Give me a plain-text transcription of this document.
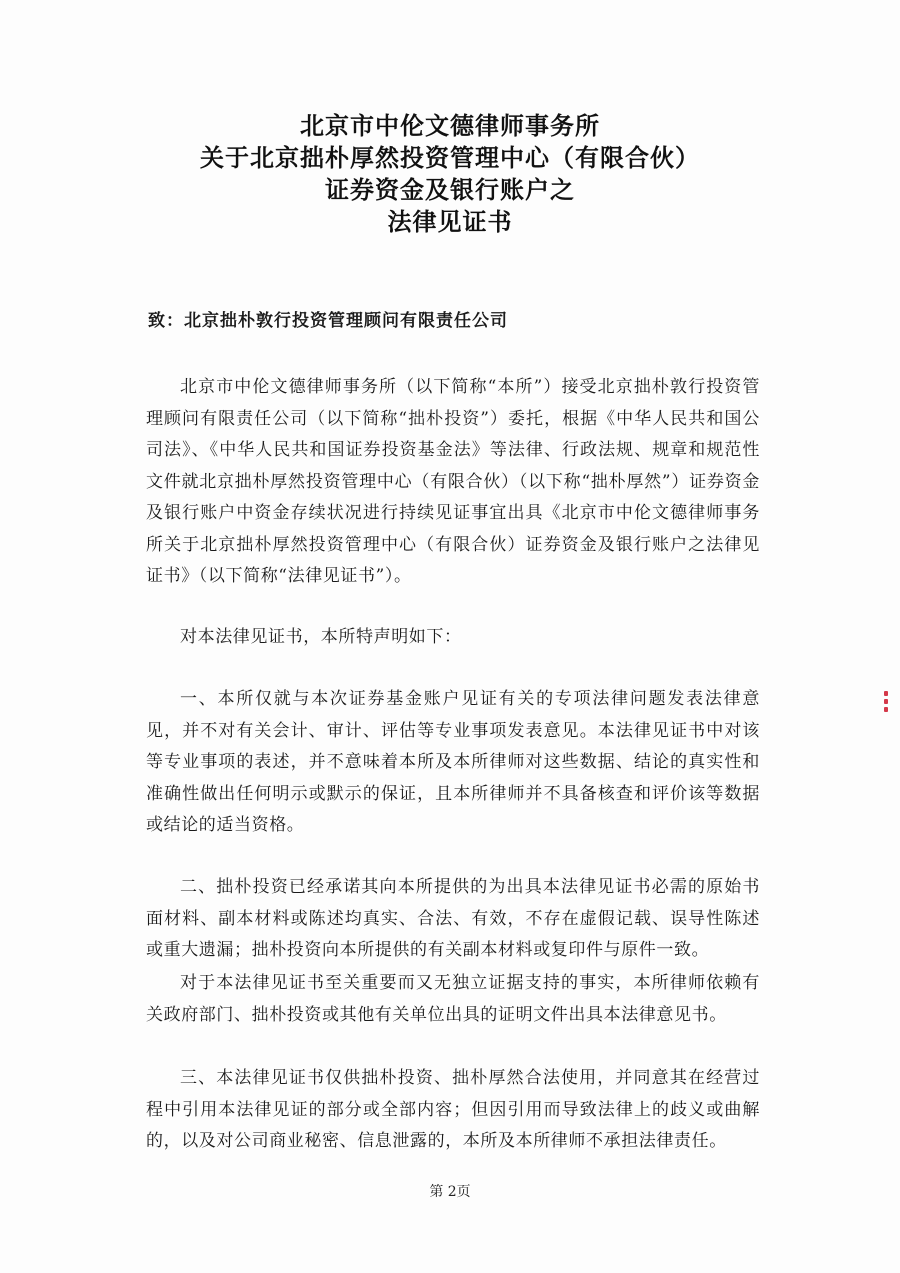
北京市中伦文德律师事务所
关于北京拙朴厚然投资管理中心（有限合伙）
证券资金及银行账户之
法律见证书
致：北京拙朴敦行投资管理顾问有限责任公司
北京市中伦文德律师事务所（以下简称“本所”）接受北京拙朴敦行投资管理顾问有限责任公司（以下简称“拙朴投资”）委托，根据《中华人民共和国公司法》、《中华人民共和国证券投资基金法》等法律、行政法规、规章和规范性文件就北京拙朴厚然投资管理中心（有限合伙）（以下称“拙朴厚然”）证券资金及银行账户中资金存续状况进行持续见证事宜出具《北京市中伦文德律师事务所关于北京拙朴厚然投资管理中心（有限合伙）证券资金及银行账户之法律见证书》（以下简称“法律见证书”）。
对本法律见证书，本所特声明如下：
一、本所仅就与本次证券基金账户见证有关的专项法律问题发表法律意见，并不对有关会计、审计、评估等专业事项发表意见。本法律见证书中对该等专业事项的表述，并不意味着本所及本所律师对这些数据、结论的真实性和准确性做出任何明示或默示的保证，且本所律师并不具备核查和评价该等数据或结论的适当资格。
二、拙朴投资已经承诺其向本所提供的为出具本法律见证书必需的原始书面材料、副本材料或陈述均真实、合法、有效，不存在虚假记载、误导性陈述或重大遗漏；拙朴投资向本所提供的有关副本材料或复印件与原件一致。
对于本法律见证书至关重要而又无独立证据支持的事实，本所律师依赖有关政府部门、拙朴投资或其他有关单位出具的证明文件出具本法律意见书。
三、本法律见证书仅供拙朴投资、拙朴厚然合法使用，并同意其在经营过程中引用本法律见证的部分或全部内容；但因引用而导致法律上的歧义或曲解的，以及对公司商业秘密、信息泄露的，本所及本所律师不承担法律责任。
第 2页
